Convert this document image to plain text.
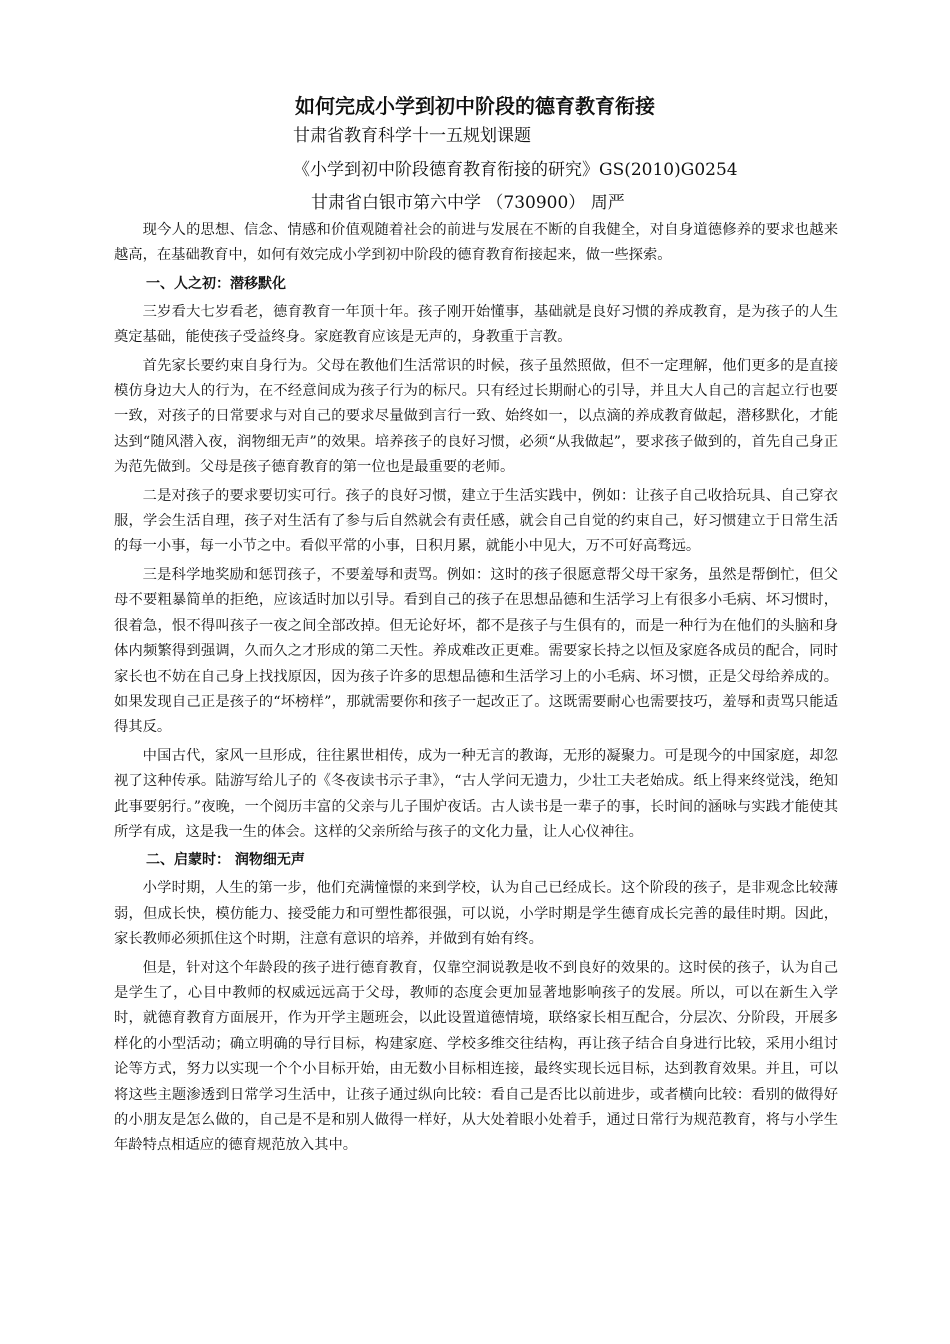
如何完成小学到初中阶段的德育教育衔接
甘肃省教育科学十一五规划课题
《小学到初中阶段德育教育衔接的研究》GS(2010)G0254
甘肃省白银市第六中学 （730900） 周严

现今人的思想、信念、情感和价值观随着社会的前进与发展在不断的自我健全，对自身道德修养的要求也越来越高，在基础教育中，如何有效完成小学到初中阶段的德育教育衔接起来，做一些探索。

一、人之初：潜移默化

三岁看大七岁看老，德育教育一年顶十年。孩子刚开始懂事，基础就是良好习惯的养成教育，是为孩子的人生奠定基础，能使孩子受益终身。家庭教育应该是无声的，身教重于言教。

首先家长要约束自身行为。父母在教他们生活常识的时候，孩子虽然照做，但不一定理解，他们更多的是直接模仿身边大人的行为，在不经意间成为孩子行为的标尺。只有经过长期耐心的引导，并且大人自己的言起立行也要一致，对孩子的日常要求与对自己的要求尽量做到言行一致、始终如一，以点滴的养成教育做起，潜移默化，才能达到“随风潜入夜，润物细无声”的效果。培养孩子的良好习惯，必须“从我做起”，要求孩子做到的，首先自己身正为范先做到。父母是孩子德育教育的第一位也是最重要的老师。

二是对孩子的要求要切实可行。孩子的良好习惯，建立于生活实践中，例如：让孩子自己收拾玩具、自己穿衣服，学会生活自理，孩子对生活有了参与后自然就会有责任感，就会自己自觉的约束自己，好习惯建立于日常生活的每一小事，每一小节之中。看似平常的小事，日积月累，就能小中见大，万不可好高骛远。

三是科学地奖励和惩罚孩子，不要羞辱和责骂。例如：这时的孩子很愿意帮父母干家务，虽然是帮倒忙，但父母不要粗暴简单的拒绝，应该适时加以引导。看到自己的孩子在思想品德和生活学习上有很多小毛病、坏习惯时，很着急，恨不得叫孩子一夜之间全部改掉。但无论好坏，都不是孩子与生俱有的，而是一种行为在他们的头脑和身体内频繁得到强调，久而久之才形成的第二天性。养成难改正更难。需要家长持之以恒及家庭各成员的配合，同时家长也不妨在自己身上找找原因，因为孩子许多的思想品德和生活学习上的小毛病、坏习惯，正是父母给养成的。如果发现自己正是孩子的“坏榜样”，那就需要你和孩子一起改正了。这既需要耐心也需要技巧，羞辱和责骂只能适得其反。

中国古代，家风一旦形成，往往累世相传，成为一种无言的教诲，无形的凝聚力。可是现今的中国家庭，却忽视了这种传承。陆游写给儿子的《冬夜读书示子聿》，“古人学问无遗力，少壮工夫老始成。纸上得来终觉浅，绝知此事要躬行。”夜晚，一个阅历丰富的父亲与儿子围炉夜话。古人读书是一辈子的事，长时间的涵咏与实践才能使其所学有成，这是我一生的体会。这样的父亲所给与孩子的文化力量，让人心仪神往。

二、启蒙时： 润物细无声

小学时期，人生的第一步，他们充满憧憬的来到学校，认为自己已经成长。这个阶段的孩子，是非观念比较薄弱，但成长快，模仿能力、接受能力和可塑性都很强，可以说，小学时期是学生德育成长完善的最佳时期。因此，家长教师必须抓住这个时期，注意有意识的培养，并做到有始有终。

但是，针对这个年龄段的孩子进行德育教育，仅靠空洞说教是收不到良好的效果的。这时侯的孩子，认为自己是学生了，心目中教师的权威远远高于父母，教师的态度会更加显著地影响孩子的发展。所以，可以在新生入学时，就德育教育方面展开，作为开学主题班会，以此设置道德情境，联络家长相互配合，分层次、分阶段，开展多样化的小型活动；确立明确的导行目标，构建家庭、学校多维交往结构，再让孩子结合自身进行比较，采用小组讨论等方式，努力以实现一个个小目标开始，由无数小目标相连接，最终实现长远目标，达到教育效果。并且，可以将这些主题渗透到日常学习生活中，让孩子通过纵向比较：看自己是否比以前进步，或者横向比较：看别的做得好的小朋友是怎么做的，自己是不是和别人做得一样好，从大处着眼小处着手，通过日常行为规范教育，将与小学生年龄特点相适应的德育规范放入其中。
